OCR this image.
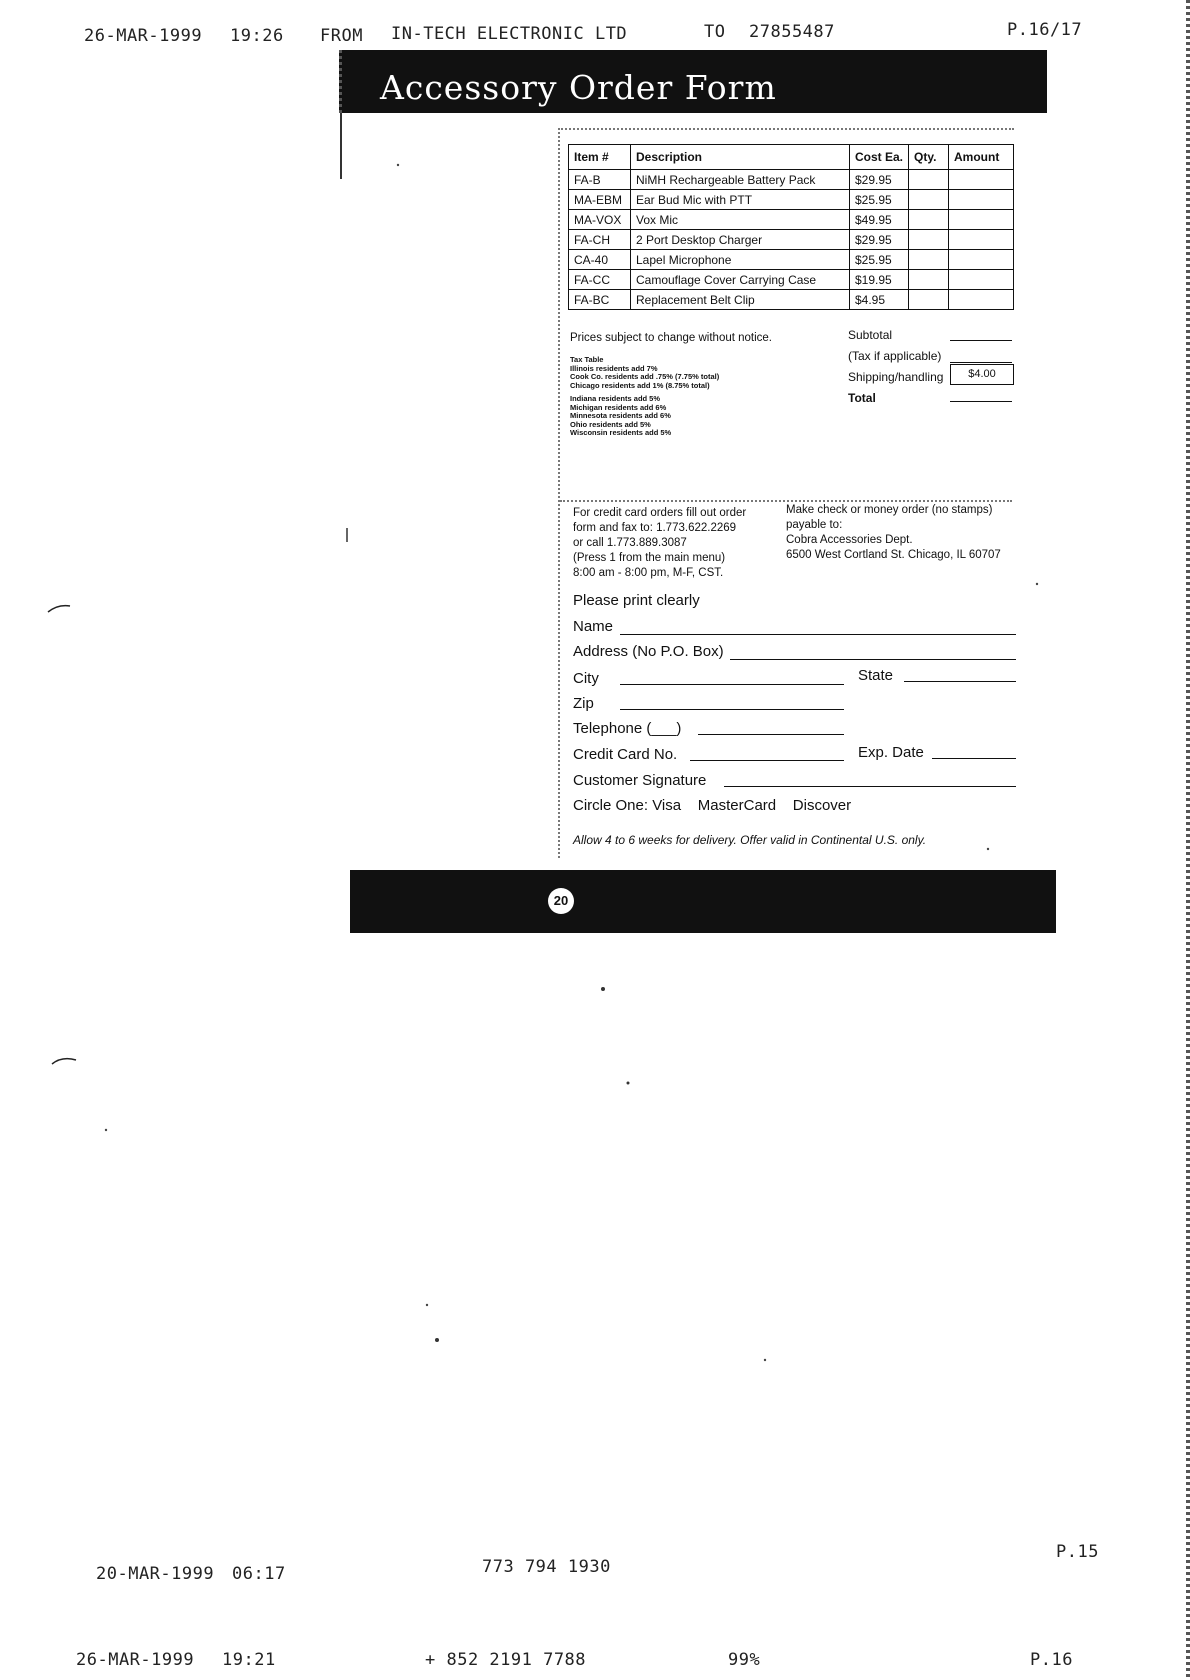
26-MAR-1999 19:26 FROM IN-TECH ELECTRONIC LTD	TO 27855487	P.16/17
Accessory Order Form
Item #	Description	Cost Ea.	Qty.	Amount
FA-B	NiMH Rechargeable Battery Pack	$29.95		
MA-EBM	Ear Bud Mic with PTT	$25.95		
MA-VOX	Vox Mic	$49.95		
FA-CH	2 Port Desktop Charger	$29.95		
CA-40	Lapel Microphone	$25.95		
FA-CC	Camouflage Cover Carrying Case	$19.95		
FA-BC	Replacement Belt Clip	$4.95		
Prices subject to change without notice.
Tax Table
Illinois residents add 7%
Cook Co. residents add .75% (7.75% total)
Chicago residents add 1% (8.75% total)
Indiana residents add 5%
Michigan residents add 6%
Minnesota residents add 6%
Ohio residents add 5%
Wisconsin residents add 5%
Subtotal
(Tax if applicable)
Shipping/handling	$4.00
Total
For credit card orders fill out order
form and fax to: 1.773.622.2269
or call 1.773.889.3087
(Press 1 from the main menu)
8:00 am - 8:00 pm, M-F, CST.
Make check or money order (no stamps)
payable to:
Cobra Accessories Dept.
6500 West Cortland St. Chicago, IL 60707
Please print clearly
Name
Address (No P.O. Box)
City	State
Zip
Telephone (___)
Credit Card No.	Exp. Date
Customer Signature
Circle One: Visa    MasterCard    Discover
Allow 4 to 6 weeks for delivery. Offer valid in Continental U.S. only.
20
P.15
20-MAR-1999 06:17	773 794 1930
26-MAR-1999 19:21	+ 852 2191 7788	99%	P.16
